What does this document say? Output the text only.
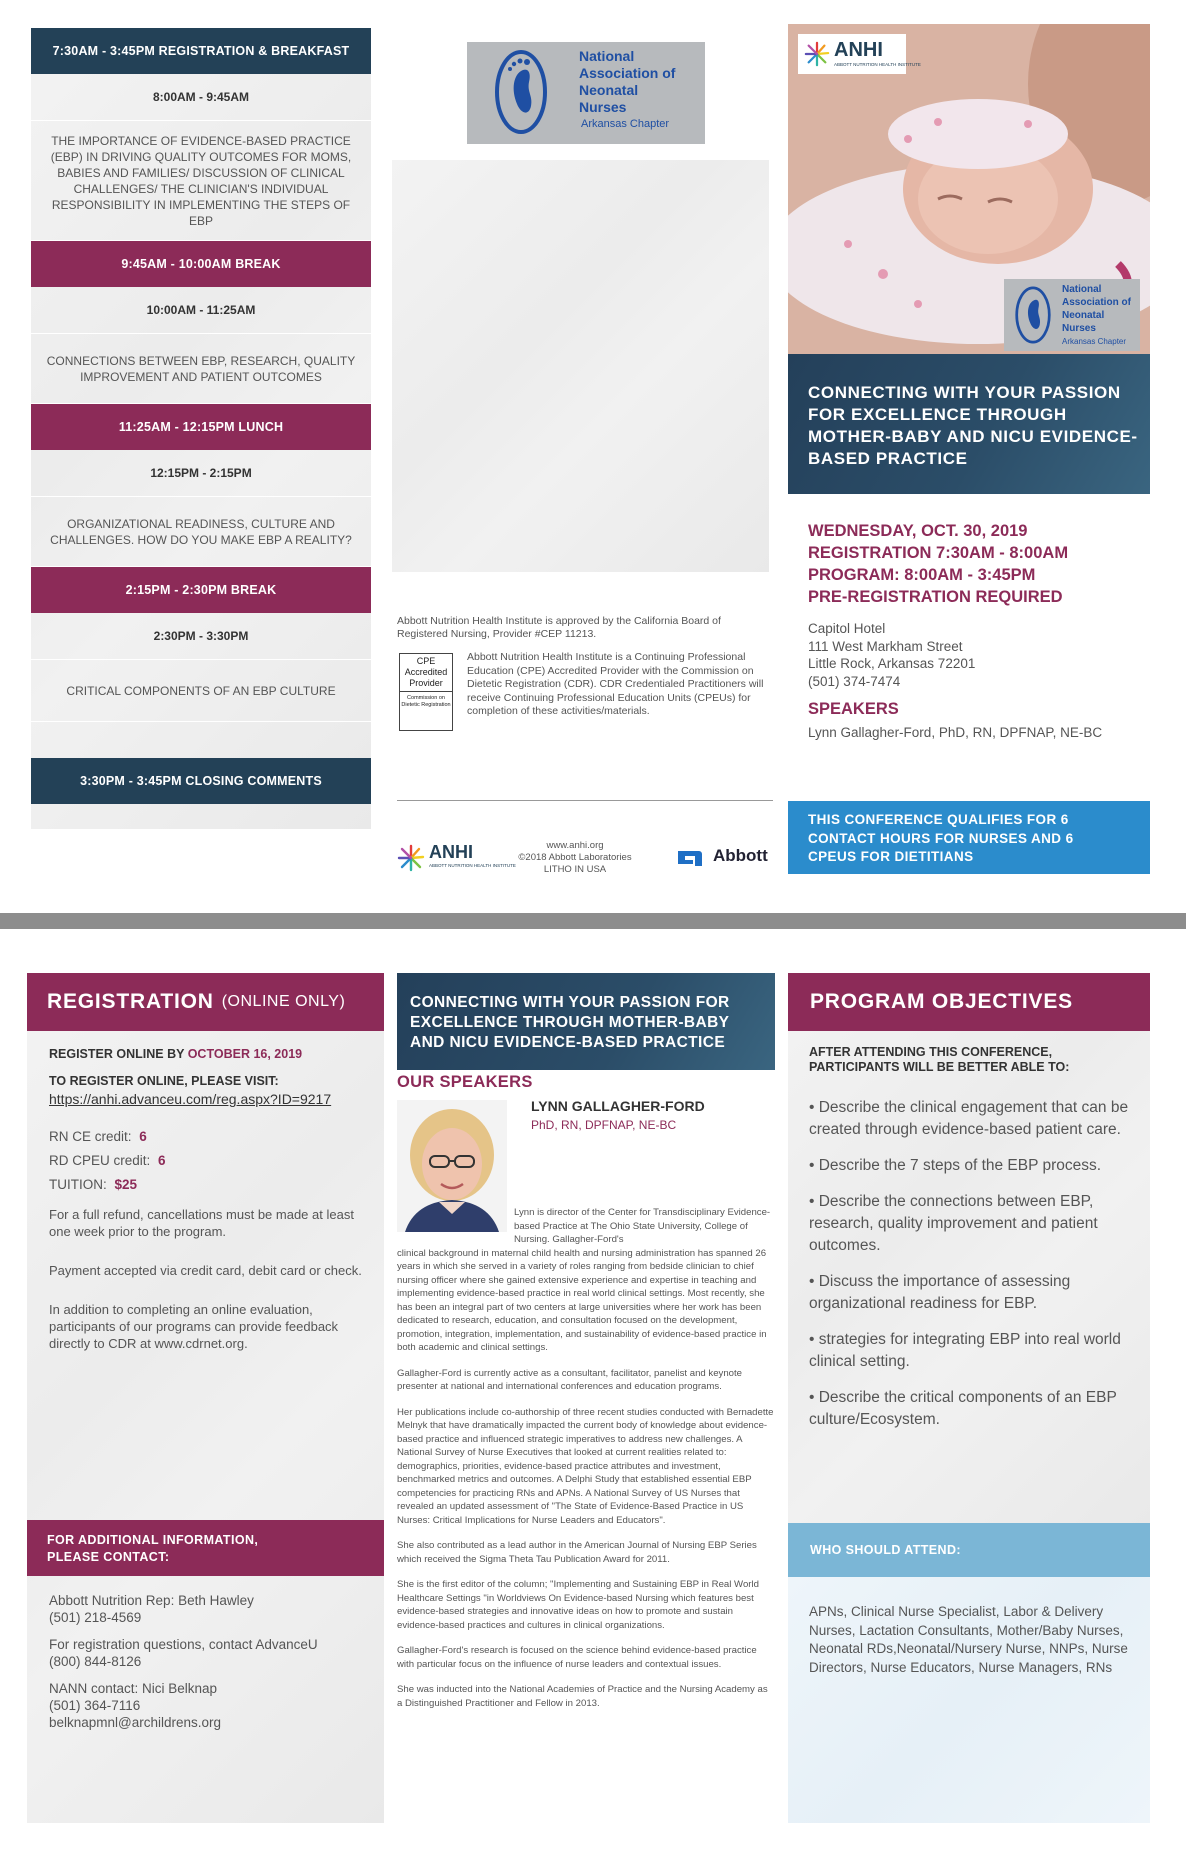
7:30AM - 3:45PM REGISTRATION & BREAKFAST
8:00AM - 9:45AM
THE IMPORTANCE OF EVIDENCE-BASED PRACTICE (EBP) IN DRIVING QUALITY OUTCOMES FOR MOMS, BABIES AND FAMILIES/ DISCUSSION OF CLINICAL CHALLENGES/ THE CLINICIAN'S INDIVIDUAL RESPONSIBILITY IN IMPLEMENTING THE STEPS OF EBP
9:45AM - 10:00AM BREAK
10:00AM - 11:25AM
CONNECTIONS BETWEEN EBP, RESEARCH, QUALITY IMPROVEMENT AND PATIENT OUTCOMES
11:25AM - 12:15PM LUNCH
12:15PM - 2:15PM
ORGANIZATIONAL READINESS, CULTURE AND CHALLENGES. HOW DO YOU MAKE EBP A REALITY?
2:15PM - 2:30PM BREAK
2:30PM - 3:30PM
CRITICAL COMPONENTS OF AN EBP CULTURE
3:30PM - 3:45PM CLOSING COMMENTS
National
Association of
Neonatal
Nurses
Arkansas Chapter
Abbott Nutrition Health Institute is approved by the California Board of Registered Nursing, Provider #CEP 11213.
CPE
Accredited
Provider
Commission on Dietetic Registration
Abbott Nutrition Health Institute is a Continuing Professional Education (CPE) Accredited Provider with the Commission on Dietetic Registration (CDR). CDR Credentialed Practitioners will receive Continuing Professional Education Units (CPEUs) for completion of these activities/materials.
ANHI
ABBOTT NUTRITION HEALTH INSTITUTE
www.anhi.org
©2018 Abbott Laboratories
LITHO IN USA
Abbott
ANHI
ABBOTT NUTRITION HEALTH INSTITUTE
National
Association of
Neonatal
Nurses
Arkansas Chapter
CONNECTING WITH YOUR PASSION FOR EXCELLENCE THROUGH MOTHER-BABY AND NICU EVIDENCE-BASED PRACTICE
WEDNESDAY, OCT. 30, 2019
REGISTRATION 7:30AM - 8:00AM
PROGRAM: 8:00AM - 3:45PM
PRE-REGISTRATION REQUIRED
Capitol Hotel
111 West Markham Street
Little Rock, Arkansas 72201
(501) 374-7474
SPEAKERS
Lynn Gallagher-Ford, PhD, RN, DPFNAP, NE-BC
THIS CONFERENCE QUALIFIES FOR 6 CONTACT HOURS FOR NURSES AND 6 CPEUS FOR DIETITIANS
REGISTRATION (ONLINE ONLY)
REGISTER ONLINE BY OCTOBER 16, 2019
TO REGISTER ONLINE, PLEASE VISIT:
https://anhi.advanceu.com/reg.aspx?ID=9217
RN CE credit: 6
RD CPEU credit: 6
TUITION: $25

For a full refund, cancellations must be made at least one week prior to the program.

Payment accepted via credit card, debit card or check.

In addition to completing an online evaluation, participants of our programs can provide feedback directly to CDR at www.cdrnet.org.

FOR ADDITIONAL INFORMATION, PLEASE CONTACT:

Abbott Nutrition Rep: Beth Hawley
(501) 218-4569

For registration questions, contact AdvanceU
(800) 844-8126

NANN contact: Nici Belknap
(501) 364-7116
belknapmnl@archildrens.org

CONNECTING WITH YOUR PASSION FOR EXCELLENCE THROUGH MOTHER-BABY AND NICU EVIDENCE-BASED PRACTICE
OUR SPEAKERS
LYNN GALLAGHER-FORD
PhD, RN, DPFNAP, NE-BC

Lynn is director of the Center for Transdisciplinary Evidence-based Practice at The Ohio State University, College of Nursing. Gallagher-Ford's

clinical background in maternal child health and nursing administration has spanned 26 years in which she served in a variety of roles ranging from bedside clinician to chief nursing officer where she gained extensive experience and expertise in teaching and implementing evidence-based practice in real world clinical settings. Most recently, she has been an integral part of two centers at large universities where her work has been dedicated to research, education, and consultation focused on the development, promotion, integration, implementation, and sustainability of evidence-based practice in both academic and clinical settings.

Gallagher-Ford is currently active as a consultant, facilitator, panelist and keynote presenter at national and international conferences and education programs.

Her publications include co-authorship of three recent studies conducted with Bernadette Melnyk that have dramatically impacted the current body of knowledge about evidence-based practice and influenced strategic imperatives to address new challenges. A National Survey of Nurse Executives that looked at current realities related to: demographics, priorities, evidence-based practice attributes and investment, benchmarked metrics and outcomes. A Delphi Study that established essential EBP competencies for practicing RNs and APNs. A National Survey of US Nurses that revealed an updated assessment of "The State of Evidence-Based Practice in US Nurses: Critical Implications for Nurse Leaders and Educators".

She also contributed as a lead author in the American Journal of Nursing EBP Series which received the Sigma Theta Tau Publication Award for 2011.

She is the first editor of the column; "Implementing and Sustaining EBP in Real World Healthcare Settings "in Worldviews On Evidence-based Nursing which features best evidence-based strategies and innovative ideas on how to promote and sustain evidence-based practices and cultures in clinical organizations.

Gallagher-Ford's research is focused on the science behind evidence-based practice with particular focus on the influence of nurse leaders and contextual issues.

She was inducted into the National Academies of Practice and the Nursing Academy as a Distinguished Practitioner and Fellow in 2013.

PROGRAM OBJECTIVES
AFTER ATTENDING THIS CONFERENCE, PARTICIPANTS WILL BE BETTER ABLE TO:
• Describe the clinical engagement that can be created through evidence-based patient care.
• Describe the 7 steps of the EBP process.
• Describe the connections between EBP, research, quality improvement and patient outcomes.
• Discuss the importance of assessing organizational readiness for EBP.
• strategies for integrating EBP into real world clinical setting.
• Describe the critical components of an EBP culture/Ecosystem.
WHO SHOULD ATTEND:
APNs, Clinical Nurse Specialist, Labor & Delivery Nurses, Lactation Consultants, Mother/Baby Nurses, Neonatal RDs,Neonatal/Nursery Nurse, NNPs, Nurse Directors, Nurse Educators, Nurse Managers, RNs
